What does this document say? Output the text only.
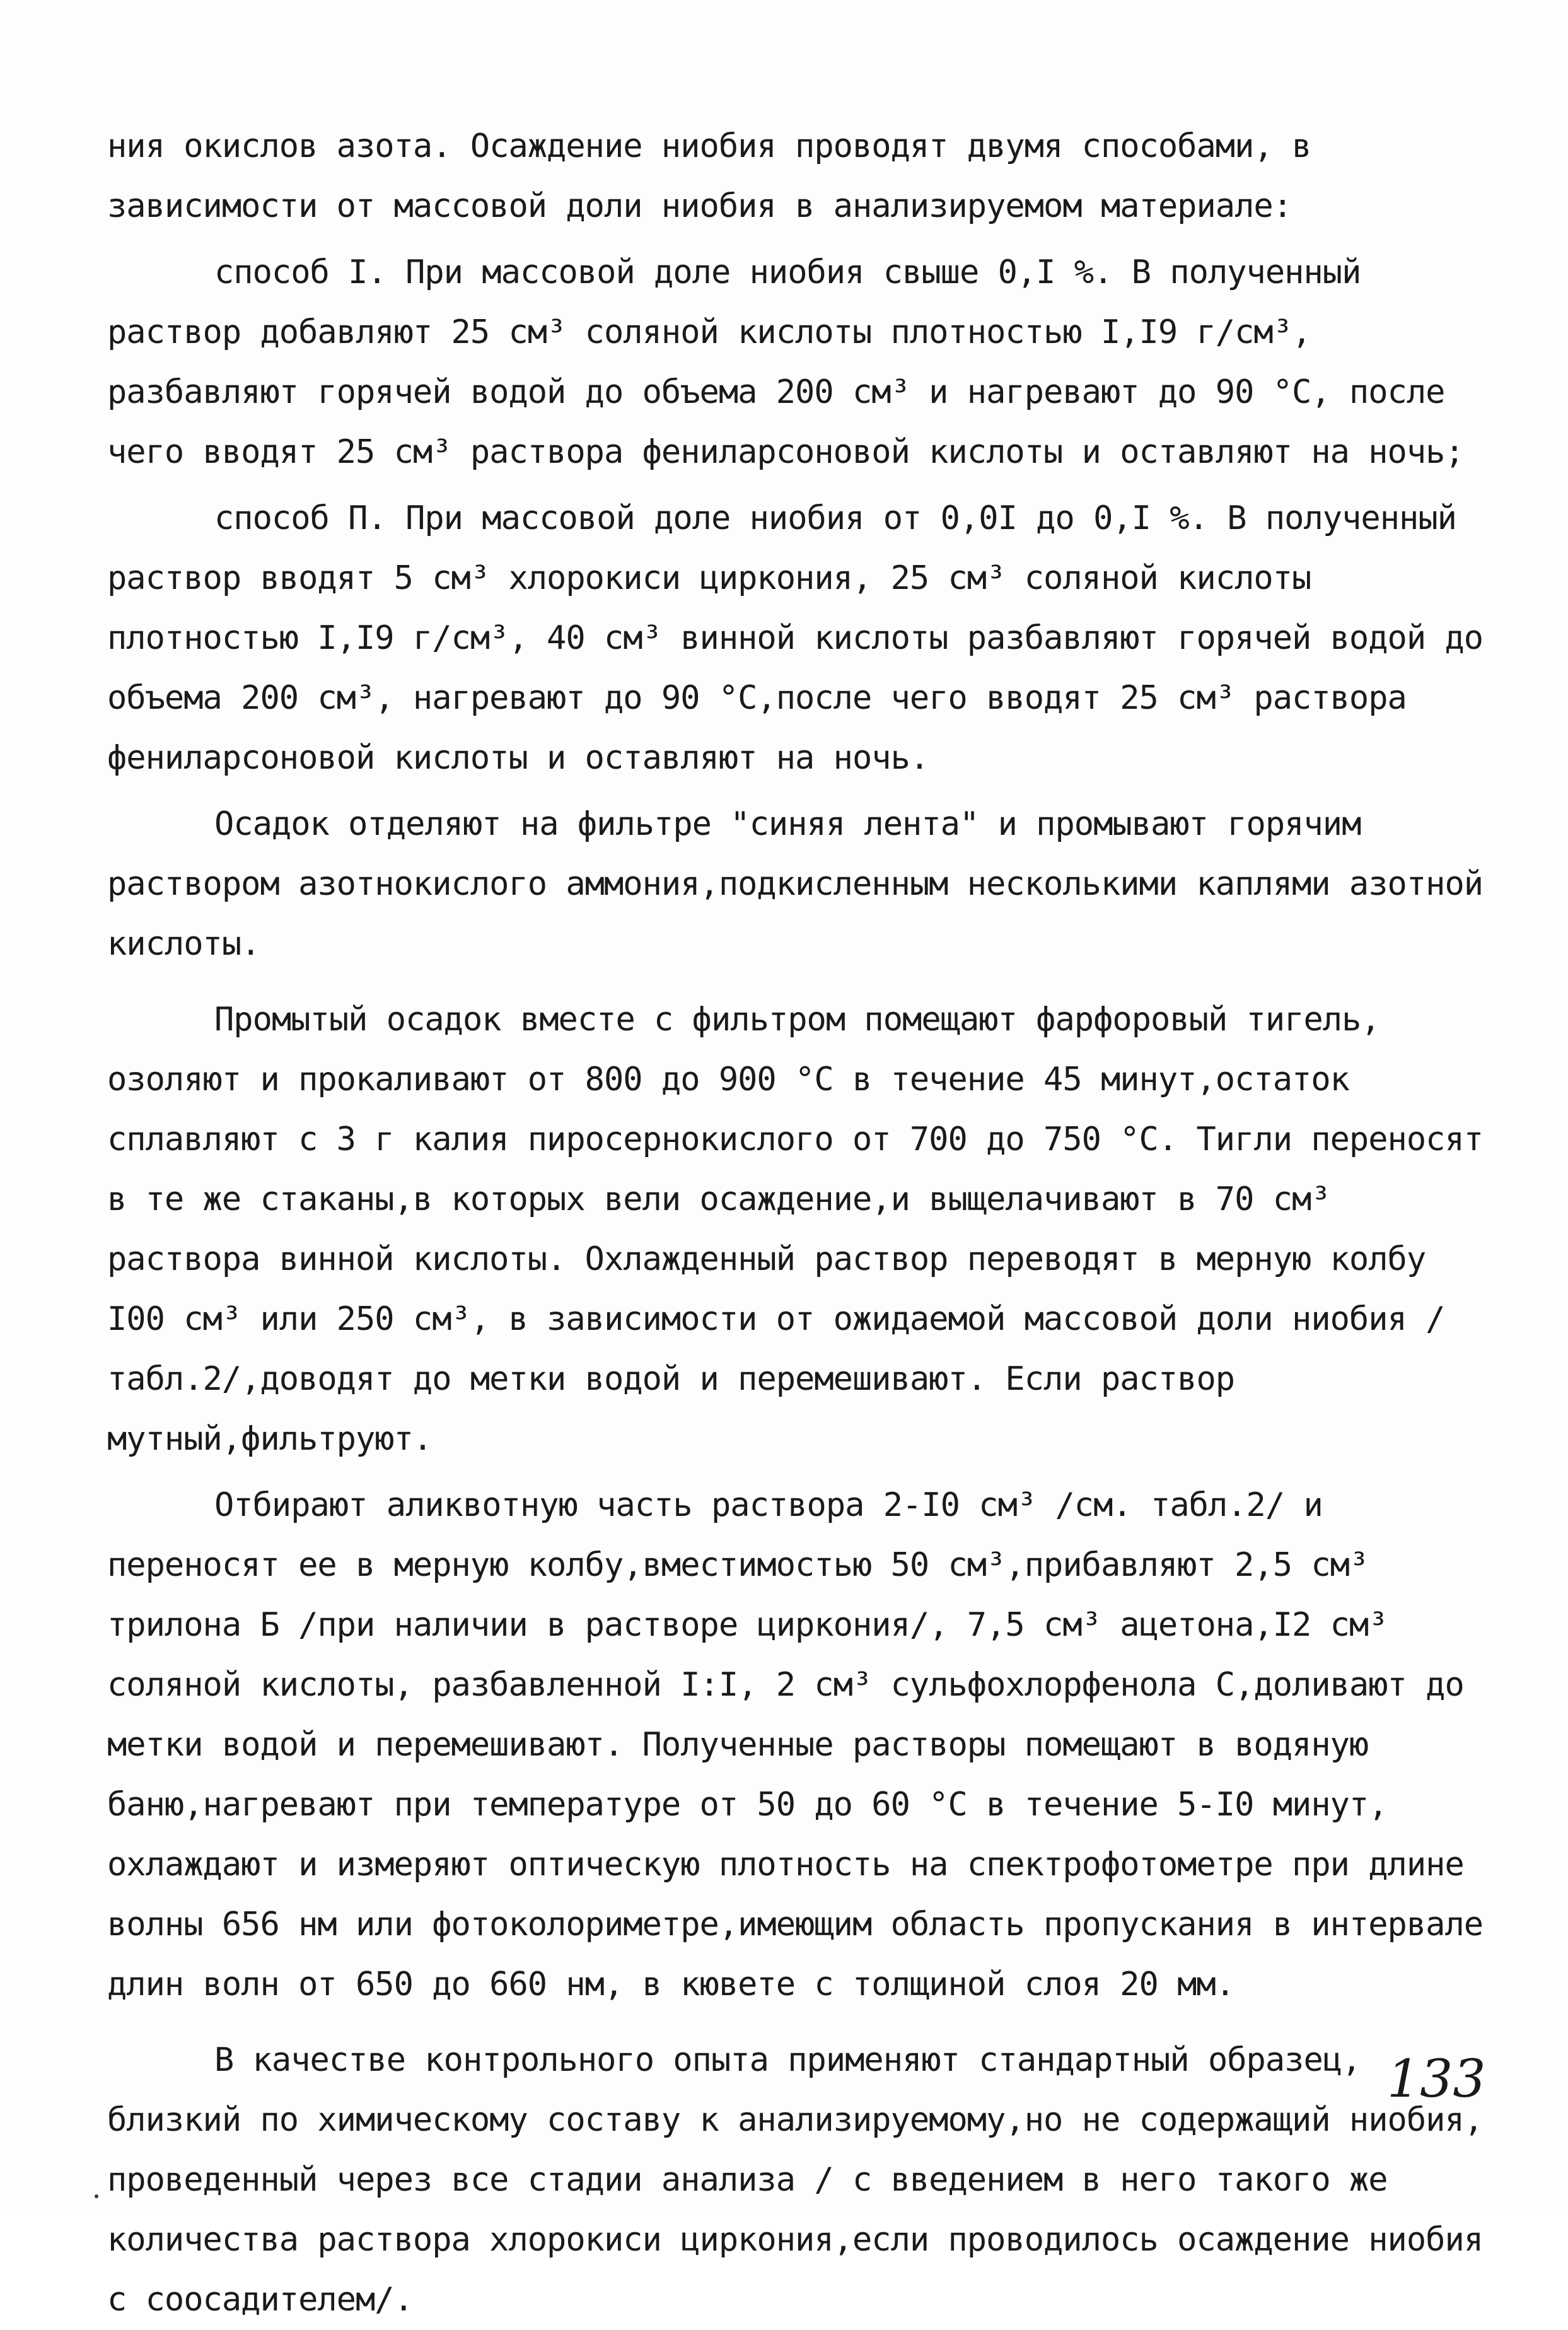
ния окислов азота. Осаждение ниобия проводят двумя способами, в зависимости от массовой доли ниобия в анализируемом материале:

способ I. При массовой доле ниобия свыше 0,I %. В полученный раствор добавляют 25 см³ соляной кислоты плотностью I,I9 г/см³, разбавляют горячей водой до объема 200 см³ и нагревают до 90 °С, после чего вводят 25 см³ раствора фениларсоновой кислоты и оставляют на ночь;

способ П. При массовой доле ниобия от 0,0I до 0,I %. В полученный раствор вводят 5 см³ хлорокиси циркония, 25 см³ соляной кислоты плотностью I,I9 г/см³, 40 см³ винной кислоты разбавляют горячей водой до объема 200 см³, нагревают до 90 °С,после чего вводят 25 см³ раствора фениларсоновой кислоты и оставляют на ночь.

Осадок отделяют на фильтре "синяя лента" и промывают горячим раствором азотнокислого аммония,подкисленным несколькими каплями азотной кислоты.

Промытый осадок вместе с фильтром помещают фарфоровый тигель, озоляют и прокаливают от 800 до 900 °С в течение 45 минут,остаток сплавляют с 3 г калия пиросернокислого от 700 до 750 °С. Тигли переносят в те же стаканы,в которых вели осаждение,и выщелачивают в 70 см³ раствора винной кислоты. Охлажденный раствор переводят в мерную колбу I00 см³ или 250 см³, в зависимости от ожидаемой массовой доли ниобия /табл.2/,доводят до метки водой и перемешивают. Если раствор мутный,фильтруют.

Отбирают аликвотную часть раствора 2-I0 см³ /см. табл.2/ и переносят ее в мерную колбу,вместимостью 50 см³,прибавляют 2,5 см³ трилона Б /при наличии в растворе циркония/, 7,5 см³ ацетона,I2 см³ соляной кислоты, разбавленной I:I, 2 см³ сульфохлорфенола С,доливают до метки водой и перемешивают. Полученные растворы помещают в водяную баню,нагревают при температуре от 50 до 60 °С в течение 5-I0 минут, охлаждают и измеряют оптическую плотность на спектрофотометре при длине волны 656 нм или фотоколориметре,имеющим область пропускания в интервале длин волн от 650 до 660 нм, в кювете с толщиной слоя 20 мм.

В качестве контрольного опыта применяют стандартный образец, близкий по химическому составу к анализируемому,но не содержащий ниобия, проведенный через все стадии анализа / с введением в него такого же количества раствора хлорокиси циркония,если проводилось осаждение ниобия с соосадителем/.

133
